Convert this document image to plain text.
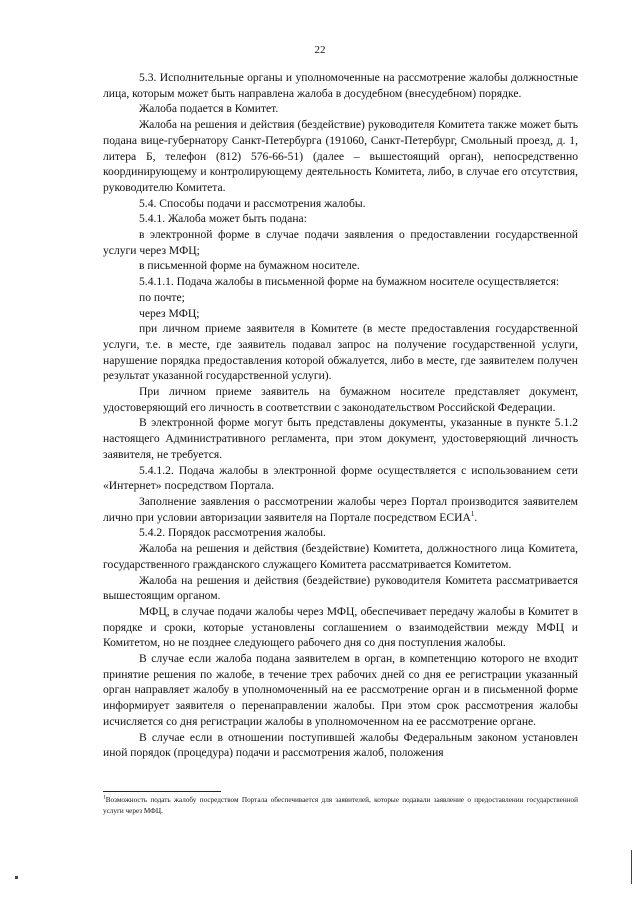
22

5.3. Исполнительные органы и уполномоченные на рассмотрение жалобы должностные лица, которым может быть направлена жалоба в досудебном (внесудебном) порядке.

Жалоба подается в Комитет.

Жалоба на решения и действия (бездействие) руководителя Комитета также может быть подана вице-губернатору Санкт-Петербурга (191060, Санкт-Петербург, Смольный проезд, д. 1, литера Б, телефон (812) 576-66-51) (далее – вышестоящий орган), непосредственно координирующему и контролирующему деятельность Комитета, либо, в случае его отсутствия, руководителю Комитета.

5.4. Способы подачи и рассмотрения жалобы.

5.4.1. Жалоба может быть подана:

в электронной форме в случае подачи заявления о предоставлении государственной услуги через МФЦ;

в письменной форме на бумажном носителе.

5.4.1.1. Подача жалобы в письменной форме на бумажном носителе осуществляется:

по почте;

через МФЦ;

при личном приеме заявителя в Комитете (в месте предоставления государственной услуги, т.е. в месте, где заявитель подавал запрос на получение государственной услуги, нарушение порядка предоставления которой обжалуется, либо в месте, где заявителем получен результат указанной государственной услуги).

При личном приеме заявитель на бумажном носителе представляет документ, удостоверяющий его личность в соответствии с законодательством Российской Федерации.

В электронной форме могут быть представлены документы, указанные в пункте 5.1.2 настоящего Административного регламента, при этом документ, удостоверяющий личность заявителя, не требуется.

5.4.1.2. Подача жалобы в электронной форме осуществляется с использованием сети «Интернет» посредством Портала.

Заполнение заявления о рассмотрении жалобы через Портал производится заявителем лично при условии авторизации заявителя на Портале посредством ЕСИА$^1$.

5.4.2. Порядок рассмотрения жалобы.

Жалоба на решения и действия (бездействие) Комитета, должностного лица Комитета, государственного гражданского служащего Комитета рассматривается Комитетом.

Жалоба на решения и действия (бездействие) руководителя Комитета рассматривается вышестоящим органом.

МФЦ, в случае подачи жалобы через МФЦ, обеспечивает передачу жалобы в Комитет в порядке и сроки, которые установлены соглашением о взаимодействии между МФЦ и Комитетом, но не позднее следующего рабочего дня со дня поступления жалобы.

В случае если жалоба подана заявителем в орган, в компетенцию которого не входит принятие решения по жалобе, в течение трех рабочих дней со дня ее регистрации указанный орган направляет жалобу в уполномоченный на ее рассмотрение орган и в письменной форме информирует заявителя о перенаправлении жалобы. При этом срок рассмотрения жалобы исчисляется со дня регистрации жалобы в уполномоченном на ее рассмотрение органе.

В случае если в отношении поступившей жалобы Федеральным законом установлен иной порядок (процедура) подачи и рассмотрения жалоб, положения

$^1$Возможность подать жалобу посредством Портала обеспечивается для заявителей, которые подавали заявление о предоставлении государственной услуги через МФЦ.
